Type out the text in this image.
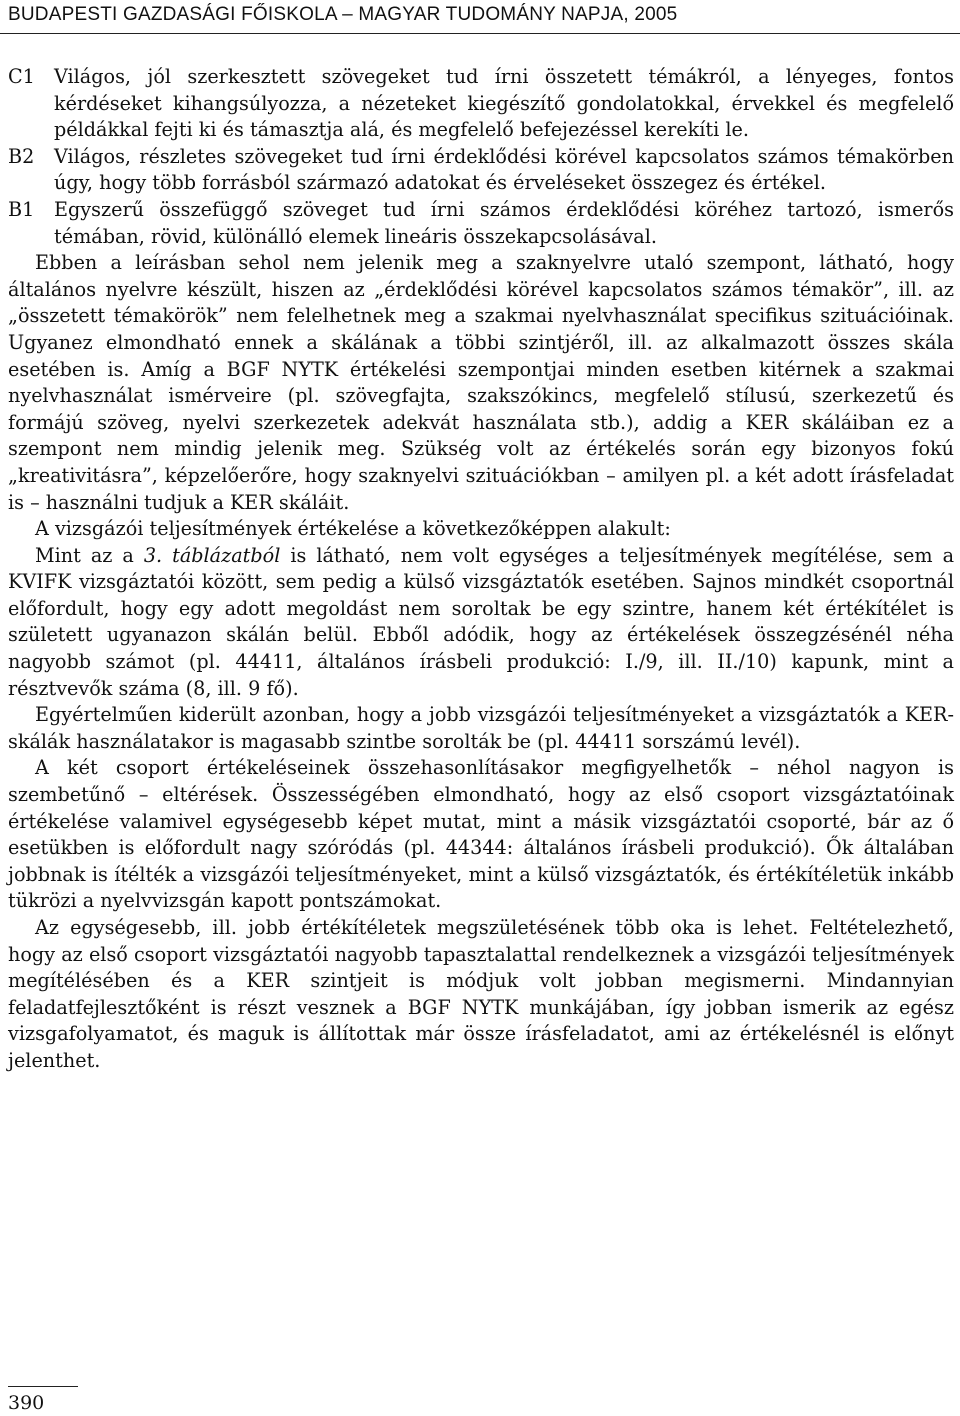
BUDAPESTI GAZDASÁGI FŐISKOLA – MAGYAR TUDOMÁNY NAPJA, 2005
C1 Világos, jól szerkesztett szövegeket tud írni összetett témákról, a lényeges, fontos kérdéseket kihangsúlyozza, a nézeteket kiegészítő gondolatokkal, érvekkel és megfelelő példákkal fejti ki és támasztja alá, és megfelelő befejezéssel kerekíti le.
B2	Világos, részletes szövegeket tud írni érdeklődési körével kapcsolatos számos témakörben úgy, hogy több forrásból származó adatokat és érveléseket összegez és értékel.
B1	Egyszerű összefüggő szöveget tud írni számos érdeklődési köréhez tartozó, ismerős témában, rövid, különálló elemek lineáris összekapcsolásával.

Ebben a leírásban sehol nem jelenik meg a szaknyelvre utaló szempont, látható, hogy általános nyelvre készült, hiszen az „érdeklődési körével kapcsolatos számos témakör”, ill. az „összetett témakörök” nem felelhetnek meg a szakmai nyelvhasználat specifikus szituációinak. Ugyanez elmondható ennek a skálának a többi szintjéről, ill. az alkalmazott összes skála esetében is. Amíg a BGF NYTK értékelési szempontjai minden esetben kitérnek a szakmai nyelvhasználat ismérveire (pl. szövegfajta, szakszókincs, megfelelő stílusú, szerkezetű és formájú szöveg, nyelvi szerkezetek adekvát használata stb.), addig a KER skáláiban ez a szempont nem mindig jelenik meg. Szükség volt az értékelés során egy bizonyos fokú „kreativitásra”, képzelőerőre, hogy szaknyelvi szituációkban – amilyen pl. a két adott írásfeladat is – használni tudjuk a KER skáláit.

A vizsgázói teljesítmények értékelése a következőképpen alakult:

Mint az a 3. táblázatból is látható, nem volt egységes a teljesítmények megítélése, sem a KVIFK vizsgáztatói között, sem pedig a külső vizsgáztatók esetében. Sajnos mindkét csoportnál előfordult, hogy egy adott megoldást nem soroltak be egy szintre, hanem két értékítélet is született ugyanazon skálán belül. Ebből adódik, hogy az értékelések összegzésénél néha nagyobb számot (pl. 44411, általános írásbeli produkció: I./9, ill. II./10) kapunk, mint a résztvevők száma (8, ill. 9 fő).

Egyértelműen kiderült azonban, hogy a jobb vizsgázói teljesítményeket a vizsgáztatók a KER-skálák használatakor is magasabb szintbe sorolták be (pl. 44411 sorszámú levél).

A két csoport értékeléseinek összehasonlításakor megfigyelhetők – néhol nagyon is szembetűnő – eltérések. Összességében elmondható, hogy az első csoport vizsgáztatóinak értékelése valamivel egységesebb képet mutat, mint a másik vizsgáztatói csoporté, bár az ő esetükben is előfordult nagy szóródás (pl. 44344: általános írásbeli produkció). Ők általában jobbnak is ítélték a vizsgázói teljesítményeket, mint a külső vizsgáztatók, és értékítéletük inkább tükrözi a nyelvvizsgán kapott pontszámokat.

Az egységesebb, ill. jobb értékítéletek megszületésének több oka is lehet. Feltételezhető, hogy az első csoport vizsgáztatói nagyobb tapasztalattal rendelkeznek a vizsgázói teljesítmények megítélésében és a KER szintjeit is módjuk volt jobban megismerni. Mindannyian feladatfejlesztőként is részt vesznek a BGF NYTK munkájában, így jobban ismerik az egész vizsgafolyamatot, és maguk is állítottak már össze írásfeladatot, ami az értékelésnél is előnyt jelenthet.

390
